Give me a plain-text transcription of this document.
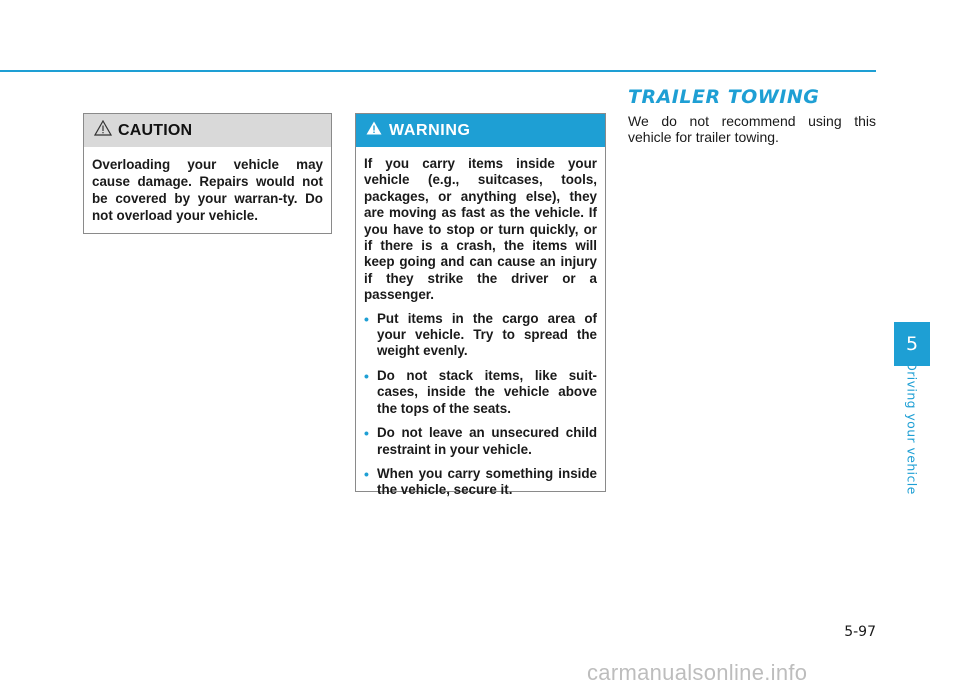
CAUTION
Overloading your vehicle may cause damage. Repairs would not be covered by your warran-ty. Do not overload your vehicle.
WARNING

If you carry items inside your vehicle (e.g., suitcases, tools, packages, or anything else), they are moving as fast as the vehicle. If you have to stop or turn quickly, or if there is a crash, the items will keep going and can cause an injury if they strike the driver or a passenger.

• Put items in the cargo area of your vehicle. Try to spread the weight evenly.
• Do not stack items, like suit-cases, inside the vehicle above the tops of the seats.
• Do not leave an unsecured child restraint in your vehicle.
• When you carry something inside the vehicle, secure it.
TRAILER TOWING
We do not recommend using this vehicle for trailer towing.
5
Driving your vehicle
5-97
carmanualsonline.info
